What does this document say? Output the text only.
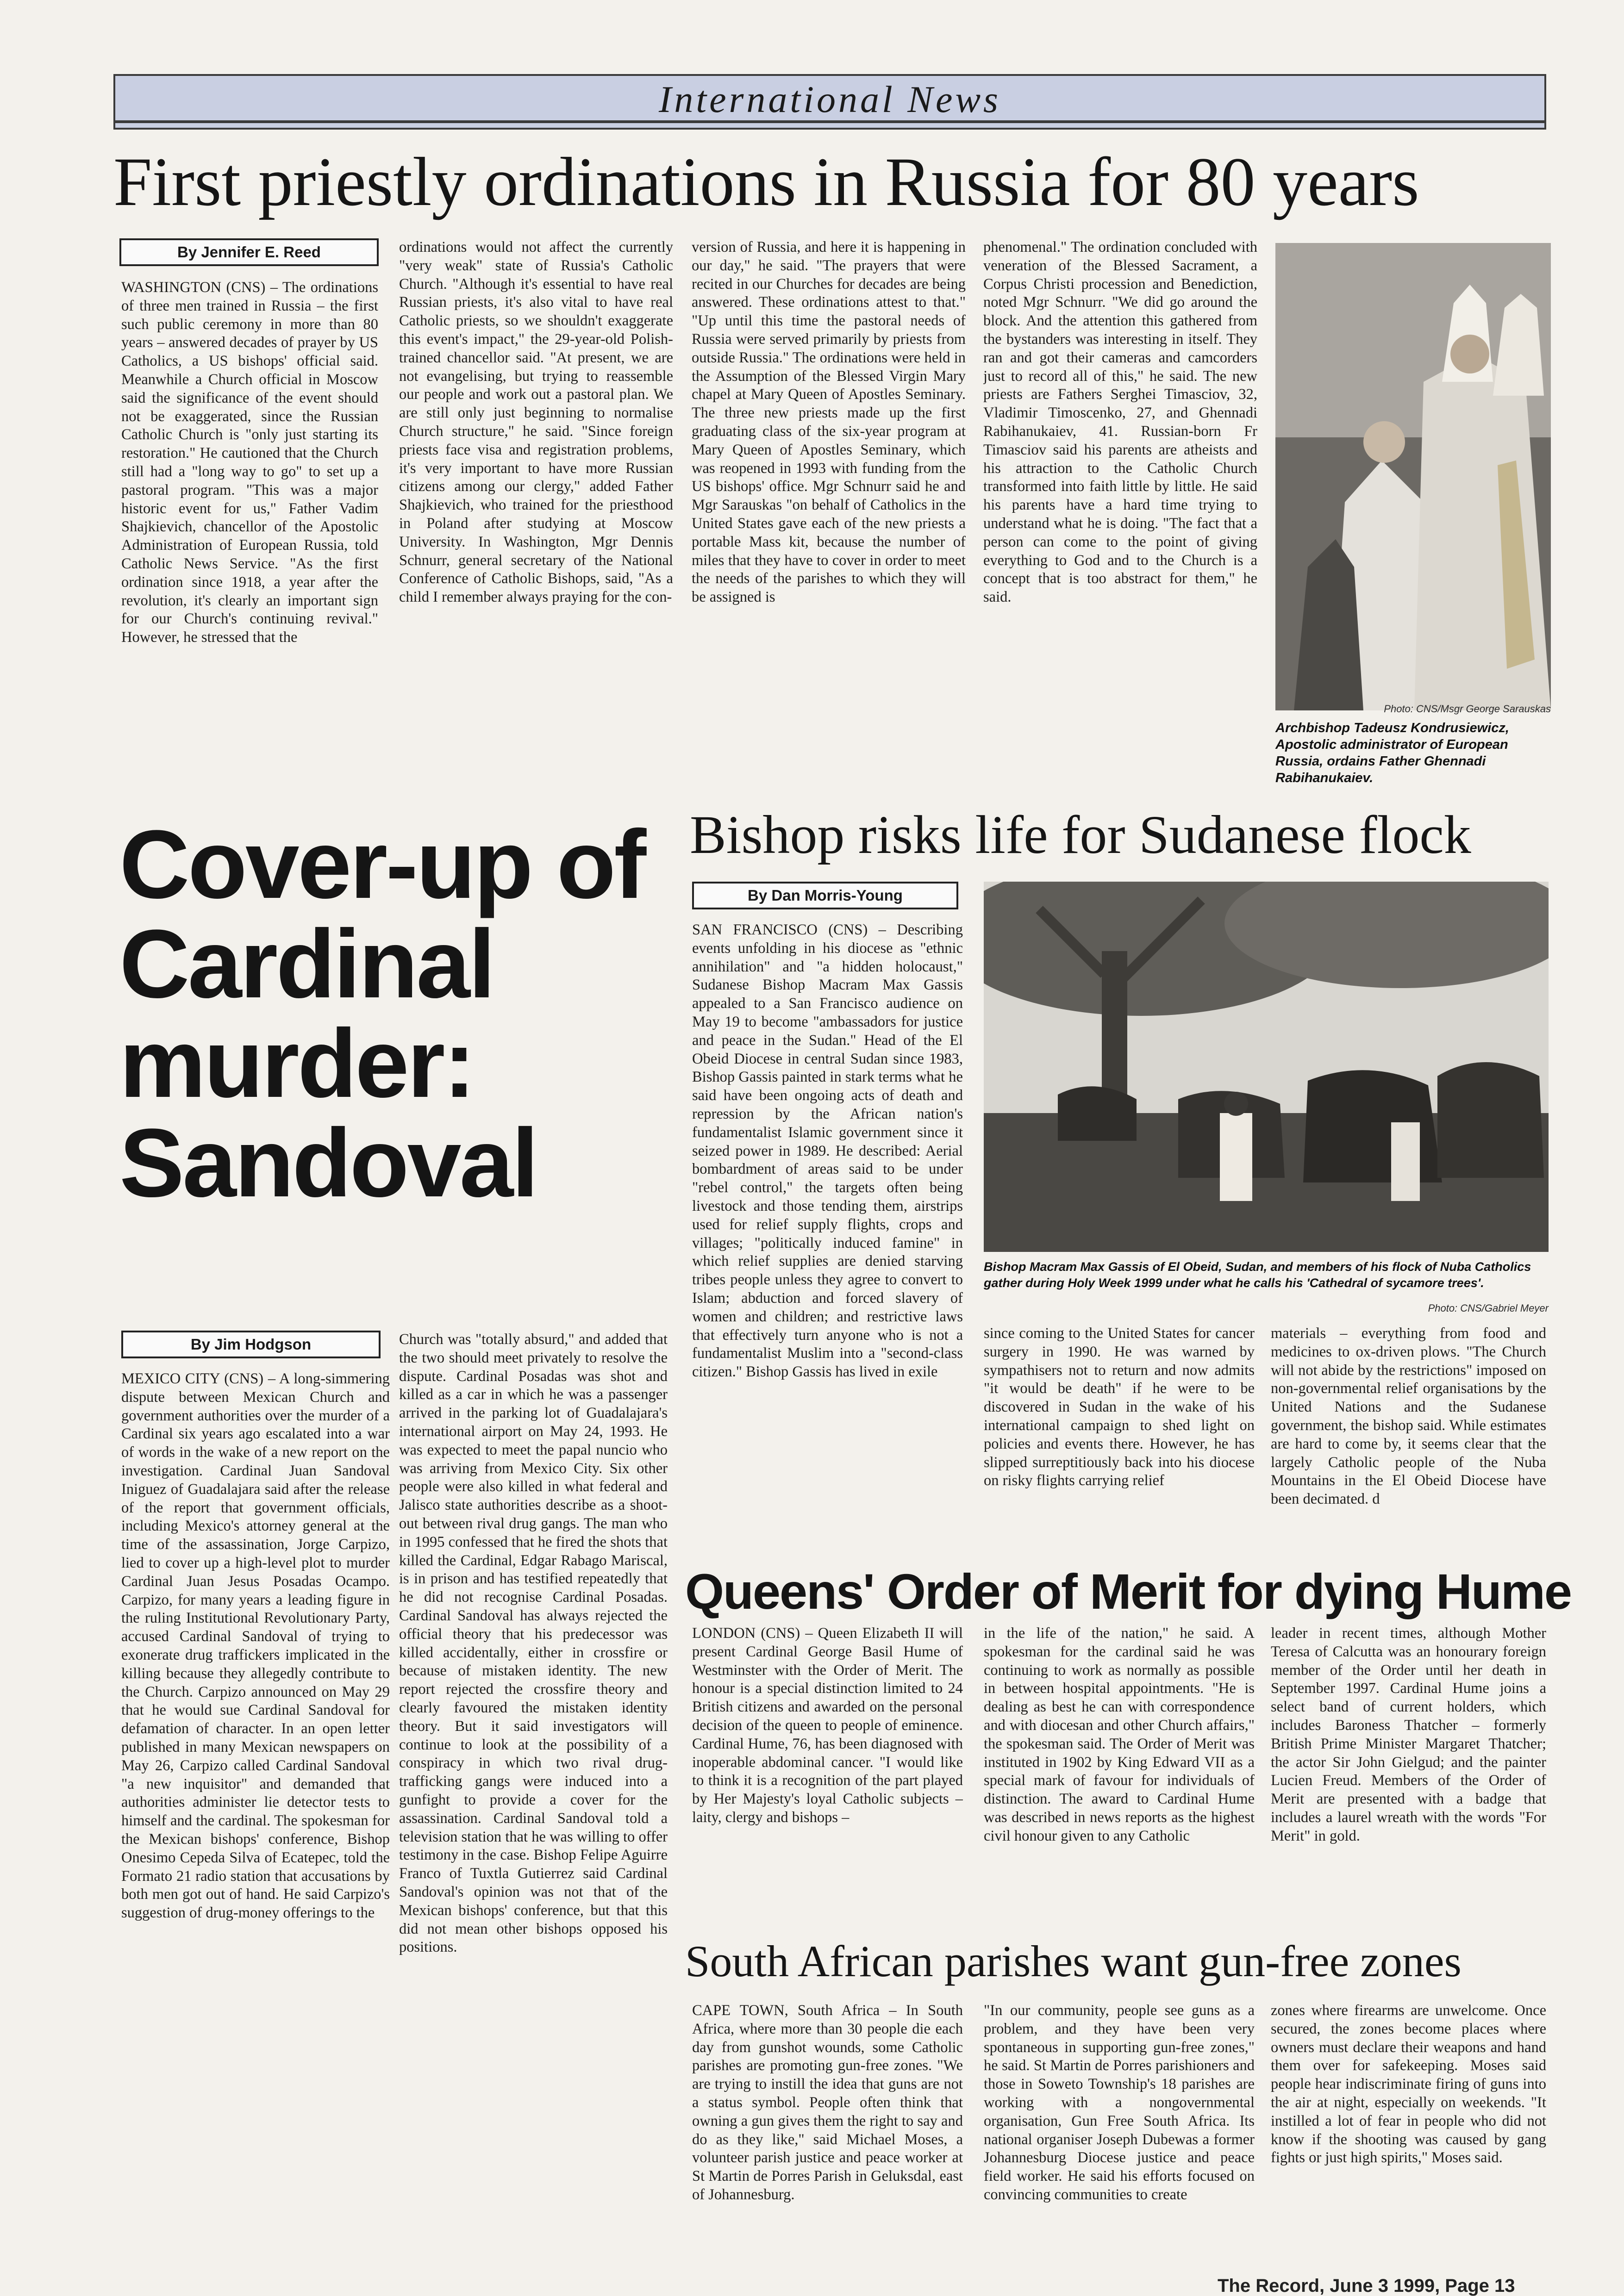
International News
First priestly ordinations in Russia for 80 years
By Jennifer E. Reed
WASHINGTON (CNS) – The ordinations of three men trained in Russia – the first such public ceremony in more than 80 years – answered decades of prayer by US Catholics, a US bishops' official said. Meanwhile a Church official in Moscow said the significance of the event should not be exaggerated, since the Russian Catholic Church is "only just starting its restoration." He cautioned that the Church still had a "long way to go" to set up a pastoral program. "This was a major historic event for us," Father Vadim Shajkievich, chancellor of the Apostolic Administration of European Russia, told Catholic News Service. "As the first ordination since 1918, a year after the revolution, it's clearly an important sign for our Church's continuing revival." However, he stressed that the
ordinations would not affect the currently "very weak" state of Russia's Catholic Church. "Although it's essential to have real Russian priests, it's also vital to have real Catholic priests, so we shouldn't exaggerate this event's impact," the 29-year-old Polish-trained chancellor said. "At present, we are not evangelising, but trying to reassemble our people and work out a pastoral plan. We are still only just beginning to normalise Church structure," he said. "Since foreign priests face visa and registration problems, it's very important to have more Russian citizens among our clergy," added Father Shajkievich, who trained for the priesthood in Poland after studying at Moscow University. In Washington, Mgr Dennis Schnurr, general secretary of the National Conference of Catholic Bishops, said, "As a child I remember always praying for the con-
version of Russia, and here it is happening in our day," he said. "The prayers that were recited in our Churches for decades are being answered. These ordinations attest to that." "Up until this time the pastoral needs of Russia were served primarily by priests from outside Russia." The ordinations were held in the Assumption of the Blessed Virgin Mary chapel at Mary Queen of Apostles Seminary. The three new priests made up the first graduating class of the six-year program at Mary Queen of Apostles Seminary, which was reopened in 1993 with funding from the US bishops' office. Mgr Schnurr said he and Mgr Sarauskas "on behalf of Catholics in the United States gave each of the new priests a portable Mass kit, because the number of miles that they have to cover in order to meet the needs of the parishes to which they will be assigned is
phenomenal." The ordination concluded with veneration of the Blessed Sacrament, a Corpus Christi procession and Benediction, noted Mgr Schnurr. "We did go around the block. And the attention this gathered from the bystanders was interesting in itself. They ran and got their cameras and camcorders just to record all of this," he said. The new priests are Fathers Serghei Timasciov, 32, Vladimir Timoscenko, 27, and Ghennadi Rabihanukaiev, 41. Russian-born Fr Timasciov said his parents are atheists and his attraction to the Catholic Church transformed into faith little by little. He said his parents have a hard time trying to understand what he is doing. "The fact that a person can come to the point of giving everything to God and to the Church is a concept that is too abstract for them," he said.
Photo: CNS/Msgr George Sarauskas
Archbishop Tadeusz Kondrusiewicz, Apostolic administrator of European Russia, ordains Father Ghennadi Rabihanukaiev.
Cover-up of Cardinal murder: Sandoval
By Jim Hodgson
MEXICO CITY (CNS) – A long-simmering dispute between Mexican Church and government authorities over the murder of a Cardinal six years ago escalated into a war of words in the wake of a new report on the investigation. Cardinal Juan Sandoval Iniguez of Guadalajara said after the release of the report that government officials, including Mexico's attorney general at the time of the assassination, Jorge Carpizo, lied to cover up a high-level plot to murder Cardinal Juan Jesus Posadas Ocampo. Carpizo, for many years a leading figure in the ruling Institutional Revolutionary Party, accused Cardinal Sandoval of trying to exonerate drug traffickers implicated in the killing because they allegedly contribute to the Church. Carpizo announced on May 29 that he would sue Cardinal Sandoval for defamation of character. In an open letter published in many Mexican newspapers on May 26, Carpizo called Cardinal Sandoval "a new inquisitor" and demanded that authorities administer lie detector tests to himself and the cardinal. The spokesman for the Mexican bishops' conference, Bishop Onesimo Cepeda Silva of Ecatepec, told the Formato 21 radio station that accusations by both men got out of hand. He said Carpizo's suggestion of drug-money offerings to the
Church was "totally absurd," and added that the two should meet privately to resolve the dispute. Cardinal Posadas was shot and killed as a car in which he was a passenger arrived in the parking lot of Guadalajara's international airport on May 24, 1993. He was expected to meet the papal nuncio who was arriving from Mexico City. Six other people were also killed in what federal and Jalisco state authorities describe as a shoot-out between rival drug gangs. The man who in 1995 confessed that he fired the shots that killed the Cardinal, Edgar Rabago Mariscal, is in prison and has testified repeatedly that he did not recognise Cardinal Posadas. Cardinal Sandoval has always rejected the official theory that his predecessor was killed accidentally, either in crossfire or because of mistaken identity. The new report rejected the crossfire theory and clearly favoured the mistaken identity theory. But it said investigators will continue to look at the possibility of a conspiracy in which two rival drug-trafficking gangs were induced into a gunfight to provide a cover for the assassination. Cardinal Sandoval told a television station that he was willing to offer testimony in the case. Bishop Felipe Aguirre Franco of Tuxtla Gutierrez said Cardinal Sandoval's opinion was not that of the Mexican bishops' conference, but that this did not mean other bishops opposed his positions.
Bishop risks life for Sudanese flock
By Dan Morris-Young
SAN FRANCISCO (CNS) – Describing events unfolding in his diocese as "ethnic annihilation" and "a hidden holocaust," Sudanese Bishop Macram Max Gassis appealed to a San Francisco audience on May 19 to become "ambassadors for justice and peace in the Sudan." Head of the El Obeid Diocese in central Sudan since 1983, Bishop Gassis painted in stark terms what he said have been ongoing acts of death and repression by the African nation's fundamentalist Islamic government since it seized power in 1989. He described: Aerial bombardment of areas said to be under "rebel control," the targets often being livestock and those tending them, airstrips used for relief supply flights, crops and villages; "politically induced famine" in which relief supplies are denied starving tribes people unless they agree to convert to Islam; abduction and forced slavery of women and children; and restrictive laws that effectively turn anyone who is not a fundamentalist Muslim into a "second-class citizen." Bishop Gassis has lived in exile
Bishop Macram Max Gassis of El Obeid, Sudan, and members of his flock of Nuba Catholics gather during Holy Week 1999 under what he calls his 'Cathedral of sycamore trees'.
Photo: CNS/Gabriel Meyer
since coming to the United States for cancer surgery in 1990. He was warned by sympathisers not to return and now admits "it would be death" if he were to be discovered in Sudan in the wake of his international campaign to shed light on policies and events there. However, he has slipped surreptitiously back into his diocese on risky flights carrying relief
materials – everything from food and medicines to ox-driven plows. "The Church will not abide by the restrictions" imposed on non-governmental relief organisations by the United Nations and the Sudanese government, the bishop said. While estimates are hard to come by, it seems clear that the largely Catholic people of the Nuba Mountains in the El Obeid Diocese have been decimated. d
Queens' Order of Merit for dying Hume
LONDON (CNS) – Queen Elizabeth II will present Cardinal George Basil Hume of Westminster with the Order of Merit. The honour is a special distinction limited to 24 British citizens and awarded on the personal decision of the queen to people of eminence. Cardinal Hume, 76, has been diagnosed with inoperable abdominal cancer. "I would like to think it is a recognition of the part played by Her Majesty's loyal Catholic subjects – laity, clergy and bishops –
in the life of the nation," he said. A spokesman for the cardinal said he was continuing to work as normally as possible in between hospital appointments. "He is dealing as best he can with correspondence and with diocesan and other Church affairs," the spokesman said. The Order of Merit was instituted in 1902 by King Edward VII as a special mark of favour for individuals of distinction. The award to Cardinal Hume was described in news reports as the highest civil honour given to any Catholic
leader in recent times, although Mother Teresa of Calcutta was an honourary foreign member of the Order until her death in September 1997. Cardinal Hume joins a select band of current holders, which includes Baroness Thatcher – formerly British Prime Minister Margaret Thatcher; the actor Sir John Gielgud; and the painter Lucien Freud. Members of the Order of Merit are presented with a badge that includes a laurel wreath with the words "For Merit" in gold.
South African parishes want gun-free zones
CAPE TOWN, South Africa – In South Africa, where more than 30 people die each day from gunshot wounds, some Catholic parishes are promoting gun-free zones. "We are trying to instill the idea that guns are not a status symbol. People often think that owning a gun gives them the right to say and do as they like," said Michael Moses, a volunteer parish justice and peace worker at St Martin de Porres Parish in Geluksdal, east of Johannesburg.
"In our community, people see guns as a problem, and they have been very spontaneous in supporting gun-free zones," he said. St Martin de Porres parishioners and those in Soweto Township's 18 parishes are working with a nongovernmental organisation, Gun Free South Africa. Its national organiser Joseph Dubewas a former Johannesburg Diocese justice and peace field worker. He said his efforts focused on convincing communities to create
zones where firearms are unwelcome. Once secured, the zones become places where owners must declare their weapons and hand them over for safekeeping. Moses said people hear indiscriminate firing of guns into the air at night, especially on weekends. "It instilled a lot of fear in people who did not know if the shooting was caused by gang fights or just high spirits," Moses said.
The Record, June 3 1999, Page 13
